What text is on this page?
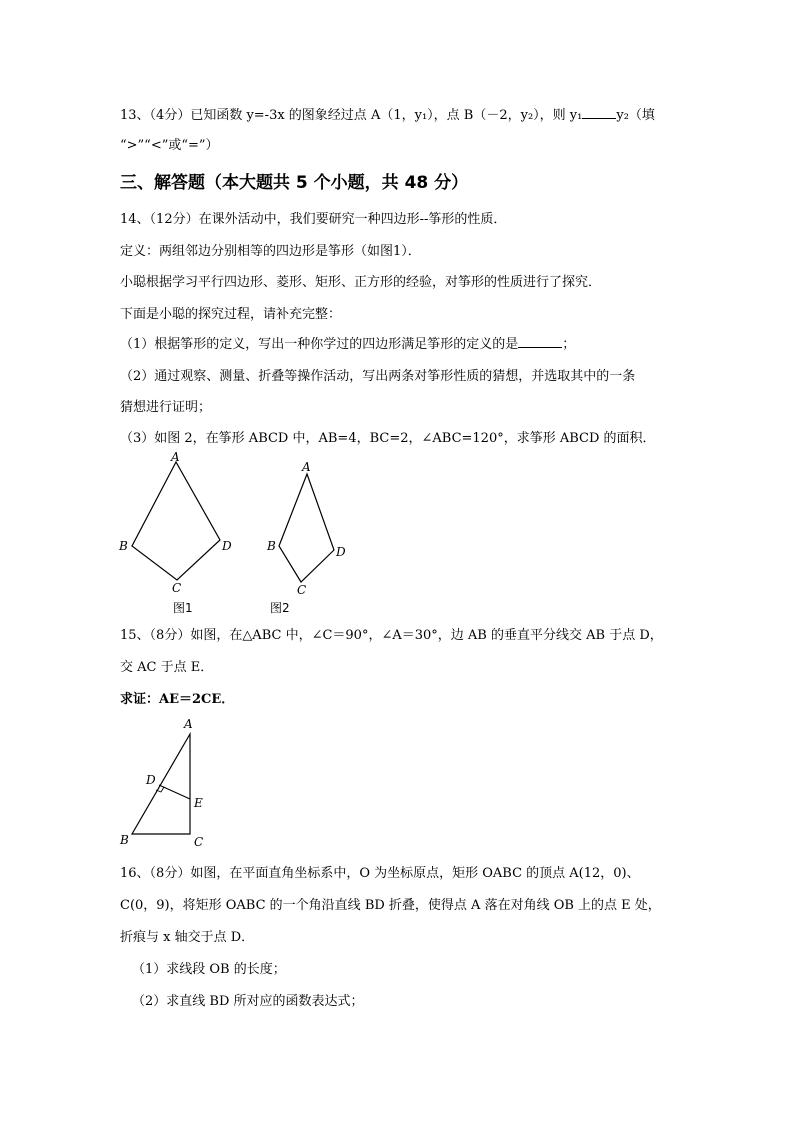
13、（4分）已知函数 y=-3x 的图象经过点 A（1，y₁），点 B（－2，y₂），则 y₁	y₂（填
“>”“<”或“=”）
三、解答题（本大题共 5 个小题，共 48 分）
14、（12分）在课外活动中，我们要研究一种四边形--筝形的性质．
定义：两组邻边分别相等的四边形是筝形（如图1）．
小聪根据学习平行四边形、菱形、矩形、正方形的经验，对筝形的性质进行了探究．
下面是小聪的探究过程，请补充完整：
（1）根据筝形的定义，写出一种你学过的四边形满足筝形的定义的是	；
（2）通过观察、测量、折叠等操作活动，写出两条对筝形性质的猜想，并选取其中的一条
猜想进行证明；
（3）如图 2，在筝形 ABCD 中，AB=4，BC=2，∠ABC=120°，求筝形 ABCD 的面积．
A
B
C
D
图1
A
B
C
D
图2
15、（8分）如图，在△ABC 中，∠C＝90°，∠A＝30°，边 AB 的垂直平分线交 AB 于点 D，
交 AC 于点 E．
求证：AE＝2CE．
A
D
E
B	C
16、（8分）如图，在平面直角坐标系中，O 为坐标原点，矩形 OABC 的顶点 A(12，0)、
C(0，9)，将矩形 OABC 的一个角沿直线 BD 折叠，使得点 A 落在对角线 OB 上的点 E 处，
折痕与 x 轴交于点 D．
（1）求线段 OB 的长度；
（2）求直线 BD 所对应的函数表达式；
